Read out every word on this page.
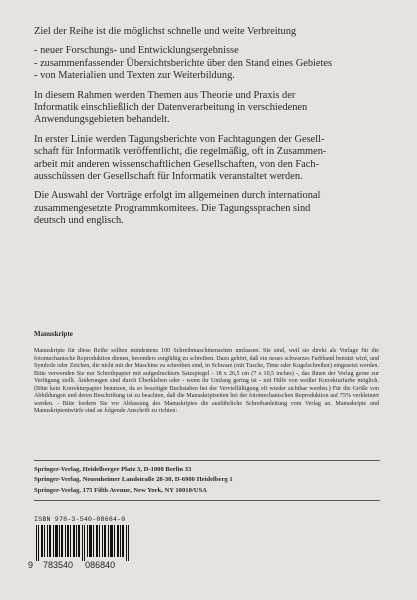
Ziel der Reihe ist die möglichst schnelle und weite Verbreitung

- neuer Forschungs- und Entwicklungsergebnisse
- zusammenfassender Übersichtsberichte über den Stand eines Gebietes
- von Materialien und Texten zur Weiterbildung.

In diesem Rahmen werden Themen aus Theorie und Praxis der
Informatik einschließlich der Datenverarbeitung in verschiedenen
Anwendungsgebieten behandelt.

In erster Linie werden Tagungsberichte von Fachtagungen der Gesell-
schaft für Informatik veröffentlicht, die regelmäßig, oft in Zusammen-
arbeit mit anderen wissenschaftlichen Gesellschaften, von den Fach-
ausschüssen der Gesellschaft für Informatik veranstaltet werden.

Die Auswahl der Vorträge erfolgt im allgemeinen durch international
zusammengesetzte Programmkomitees. Die Tagungssprachen sind
deutsch und englisch.

Manuskripte

Manuskripte für diese Reihe sollten mindestens 100 Schreibmaschinenseiten umfassen. Sie sind, weil sie direkt als Vorlage für die fotomechanische Reproduktion dienen, besonders sorgfältig zu schreiben. Dazu gehört, daß ein neues schwarzes Farbband benutzt wird, und Symbole oder Zeichen, die nicht mit der Maschine zu schreiben sind, in Schwarz (mit Tusche, Tinte oder Kugelschreiber) eingesetzt werden. Bitte verwenden Sie nur Schreibpapier mit aufgedrucktem Satzspiegel - 18 x 26,5 cm (7 x 10,5 inches) -, das Ihnen der Verlag gerne zur Verfügung stellt. Änderungen sind durch Überkleben oder - wenn ihr Umfang gering ist - mit Hilfe von weißer Korrekturfarbe möglich. (Bitte kein Korrekturpapier benutzen, da so beseitigte Buchstaben bei der Vervielfältigung oft wieder sichtbar werden.) Für die Größe von Abbildungen und deren Beschriftung ist zu beachten, daß die Manuskriptseiten bei der fotomechanischen Reproduktion auf 75% verkleinert werden. - Bitte fordern Sie vor Abfassung des Manuskriptes die ausführliche Schreibanleitung vom Verlag an. Manuskripte und Manuskriptentwürfe sind an folgende Anschrift zu richten:

Springer-Verlag, Heidelberger Platz 3, D-1000 Berlin 33
Springer-Verlag, Neuenheimer Landstraße 28-30, D-6900 Heidelberg 1
Springer-Verlag, 175 Fifth Avenue, New York, NY 10010/USA
ISBN 978-3-540-08684-0
9 783540 086840
